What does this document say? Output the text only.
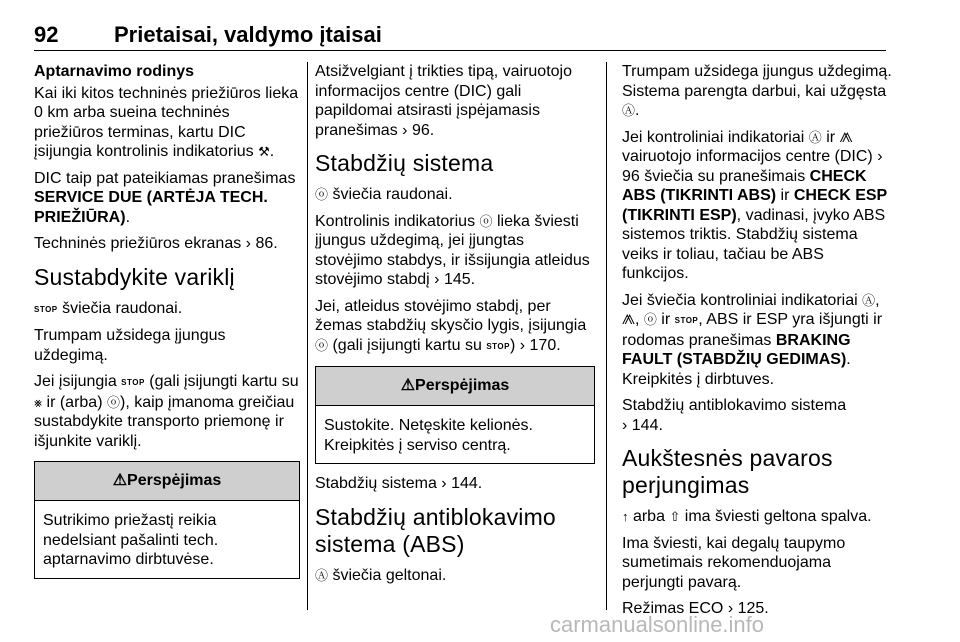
92	Prietaisai, valdymo įtaisai
Aptarnavimo rodinys

Kai iki kitos techninės priežiūros lieka 0 km arba sueina techninės priežiūros terminas, kartu DIC įsijungia kontrolinis indikatorius ⚒.

DIC taip pat pateikiamas pranešimas SERVICE DUE (ARTĖJA TECH. PRIEŽIŪRA).

Techninės priežiūros ekranas › 86.

Sustabdykite variklį

STOP šviečia raudonai.

Trumpam užsidega įjungus uždegimą.

Jei įsijungia STOP (gali įsijungti kartu su ⨳ ir (arba) ⓞ), kaip įmanoma greičiau sustabdykite transporto priemonę ir išjunkite variklį.

⚠ Perspėjimas
Sutrikimo priežastį reikia nedelsiant pašalinti tech. aptarnavimo dirbtuvėse.

Atsižvelgiant į trikties tipą, vairuotojo informacijos centre (DIC) gali papildomai atsirasti įspėjamasis pranešimas › 96.

Stabdžių sistema

ⓞ šviečia raudonai.

Kontrolinis indikatorius ⓞ lieka šviesti įjungus uždegimą, jei įjungtas stovėjimo stabdys, ir išsijungia atleidus stovėjimo stabdį › 145.

Jei, atleidus stovėjimo stabdį, per žemas stabdžių skysčio lygis, įsijungia ⓞ (gali įsijungti kartu su STOP) › 170.

⚠ Perspėjimas
Sustokite. Netęskite kelionės. Kreipkitės į serviso centrą.

Stabdžių sistema › 144.

Stabdžių antiblokavimo sistema (ABS)

Ⓐ šviečia geltonai.

Trumpam užsidega įjungus uždegimą. Sistema parengta darbui, kai užgęsta Ⓐ.

Jei kontroliniai indikatoriai Ⓐ ir ⨇ vairuotojo informacijos centre (DIC) › 96 šviečia su pranešimais CHECK ABS (TIKRINTI ABS) ir CHECK ESP (TIKRINTI ESP), vadinasi, įvyko ABS sistemos triktis. Stabdžių sistema veiks ir toliau, tačiau be ABS funkcijos.

Jei šviečia kontroliniai indikatoriai Ⓐ, ⨇, ⓞ ir STOP, ABS ir ESP yra išjungti ir rodomas pranešimas BRAKING FAULT (STABDŽIŲ GEDIMAS). Kreipkitės į dirbtuves.

Stabdžių antiblokavimo sistema
› 144.

Aukštesnės pavaros perjungimas

↑ arba ⇧ ima šviesti geltona spalva.

Ima šviesti, kai degalų taupymo sumetimais rekomenduojama perjungti pavarą.

Režimas ECO › 125.

carmanualsonline.info
